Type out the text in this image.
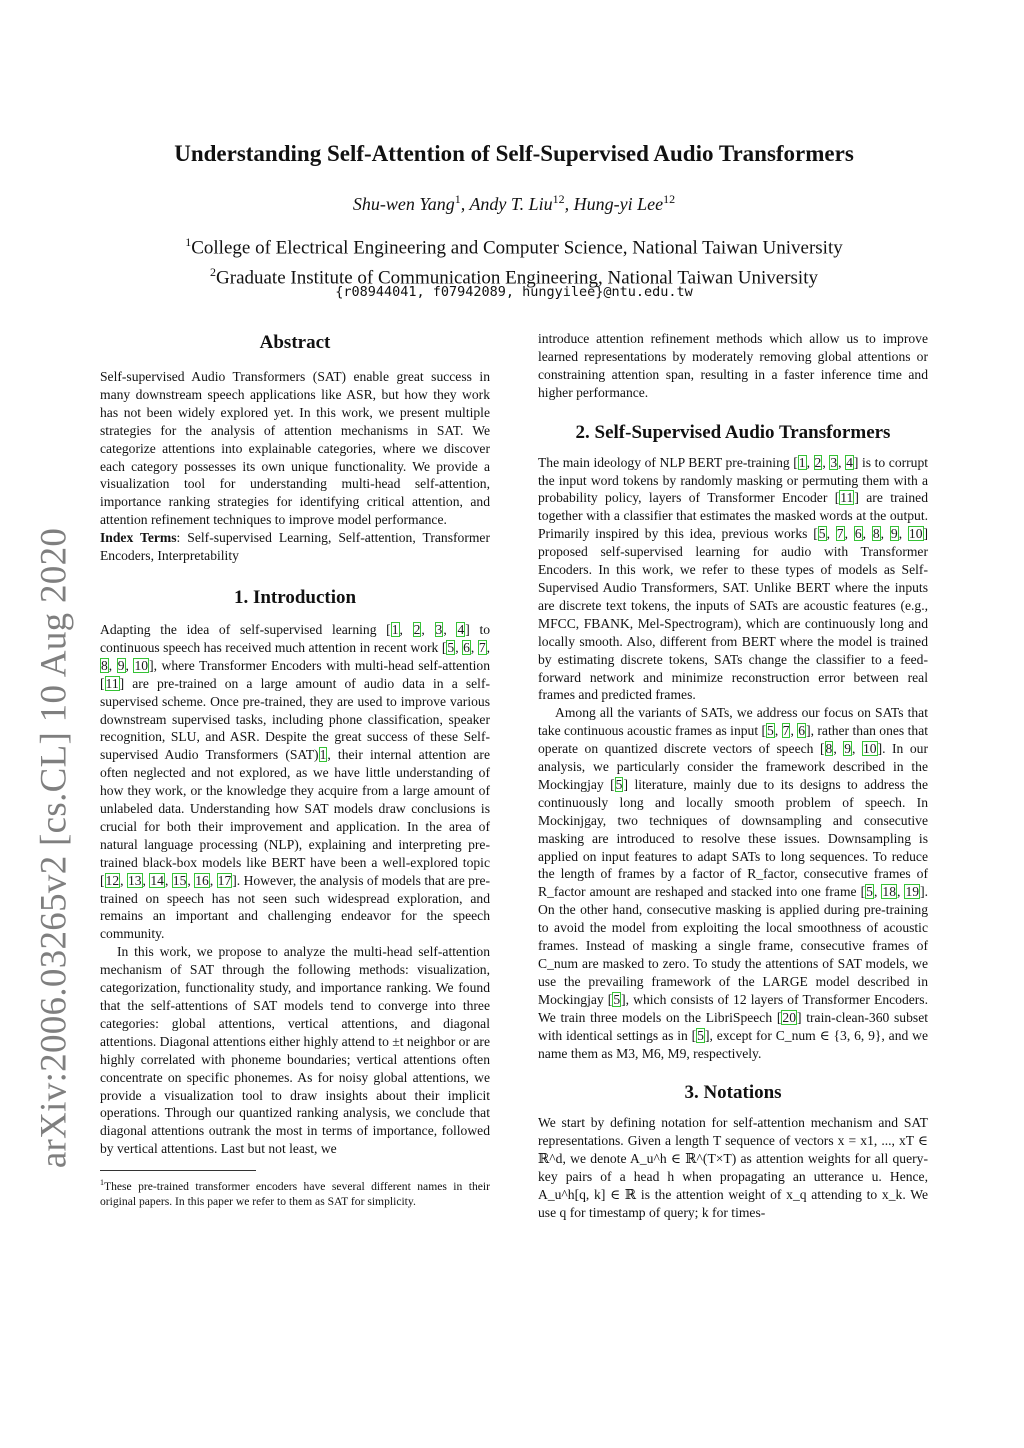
arXiv:2006.03265v2 [cs.CL] 10 Aug 2020
Understanding Self-Attention of Self-Supervised Audio Transformers
Shu-wen Yang$^1$, Andy T. Liu$^{12}$, Hung-yi Lee$^{12}$
$^1$College of Electrical Engineering and Computer Science, National Taiwan University
$^2$Graduate Institute of Communication Engineering, National Taiwan University
{r08944041, f07942089, hungyilee}@ntu.edu.tw
Abstract

Self-supervised Audio Transformers (SAT) enable great success in many downstream speech applications like ASR, but how they work has not been widely explored yet. In this work, we present multiple strategies for the analysis of attention mechanisms in SAT. We categorize attentions into explainable categories, where we discover each category possesses its own unique functionality. We provide a visualization tool for understanding multi-head self-attention, importance ranking strategies for identifying critical attention, and attention refinement techniques to improve model performance.

Index Terms: Self-supervised Learning, Self-attention, Transformer Encoders, Interpretability

1. Introduction

Adapting the idea of self-supervised learning [1, 2, 3, 4] to continuous speech has received much attention in recent work [5, 6, 7, 8, 9, 10], where Transformer Encoders with multi-head self-attention [11] are pre-trained on a large amount of audio data in a self-supervised scheme. Once pre-trained, they are used to improve various downstream supervised tasks, including phone classification, speaker recognition, SLU, and ASR. Despite the great success of these Self-supervised Audio Transformers (SAT)1, their internal attention are often neglected and not explored, as we have little understanding of how they work, or the knowledge they acquire from a large amount of unlabeled data. Understanding how SAT models draw conclusions is crucial for both their improvement and application. In the area of natural language processing (NLP), explaining and interpreting pre-trained black-box models like BERT have been a well-explored topic [12, 13, 14, 15, 16, 17]. However, the analysis of models that are pre-trained on speech has not seen such widespread exploration, and remains an important and challenging endeavor for the speech community.

In this work, we propose to analyze the multi-head self-attention mechanism of SAT through the following methods: visualization, categorization, functionality study, and importance ranking. We found that the self-attentions of SAT models tend to converge into three categories: global attentions, vertical attentions, and diagonal attentions. Diagonal attentions either highly attend to ±t neighbor or are highly correlated with phoneme boundaries; vertical attentions often concentrate on specific phonemes. As for noisy global attentions, we provide a visualization tool to draw insights about their implicit operations. Through our quantized ranking analysis, we conclude that diagonal attentions outrank the most in terms of importance, followed by vertical attentions. Last but not least, we

$^1$These pre-trained transformer encoders have several different names in their original papers. In this paper we refer to them as SAT for simplicity.

introduce attention refinement methods which allow us to improve learned representations by moderately removing global attentions or constraining attention span, resulting in a faster inference time and higher performance.

2. Self-Supervised Audio Transformers

The main ideology of NLP BERT pre-training [1, 2, 3, 4] is to corrupt the input word tokens by randomly masking or permuting them with a probability policy, layers of Transformer Encoder [11] are trained together with a classifier that estimates the masked words at the output. Primarily inspired by this idea, previous works [5, 7, 6, 8, 9, 10] proposed self-supervised learning for audio with Transformer Encoders. In this work, we refer to these types of models as Self-Supervised Audio Transformers, SAT. Unlike BERT where the inputs are discrete text tokens, the inputs of SATs are acoustic features (e.g., MFCC, FBANK, Mel-Spectrogram), which are continuously long and locally smooth. Also, different from BERT where the model is trained by estimating discrete tokens, SATs change the classifier to a feed-forward network and minimize reconstruction error between real frames and predicted frames.

Among all the variants of SATs, we address our focus on SATs that take continuous acoustic frames as input [5, 7, 6], rather than ones that operate on quantized discrete vectors of speech [8, 9, 10]. In our analysis, we particularly consider the framework described in the Mockingjay [5] literature, mainly due to its designs to address the continuously long and locally smooth problem of speech. In Mockinjgay, two techniques of downsampling and consecutive masking are introduced to resolve these issues. Downsampling is applied on input features to adapt SATs to long sequences. To reduce the length of frames by a factor of R_factor, consecutive frames of R_factor amount are reshaped and stacked into one frame [5, 18, 19]. On the other hand, consecutive masking is applied during pre-training to avoid the model from exploiting the local smoothness of acoustic frames. Instead of masking a single frame, consecutive frames of C_num are masked to zero. To study the attentions of SAT models, we use the prevailing framework of the LARGE model described in Mockingjay [5], which consists of 12 layers of Transformer Encoders. We train three models on the LibriSpeech [20] train-clean-360 subset with identical settings as in [5], except for C_num ∈ {3, 6, 9}, and we name them as M3, M6, M9, respectively.

3. Notations

We start by defining notation for self-attention mechanism and SAT representations. Given a length T sequence of vectors x = x1, ..., xT ∈ ℝ^d, we denote A_u^h ∈ ℝ^(T×T) as attention weights for all query-key pairs of a head h when propagating an utterance u. Hence, A_u^h[q, k] ∈ ℝ is the attention weight of x_q attending to x_k. We use q for timestamp of query; k for times-
